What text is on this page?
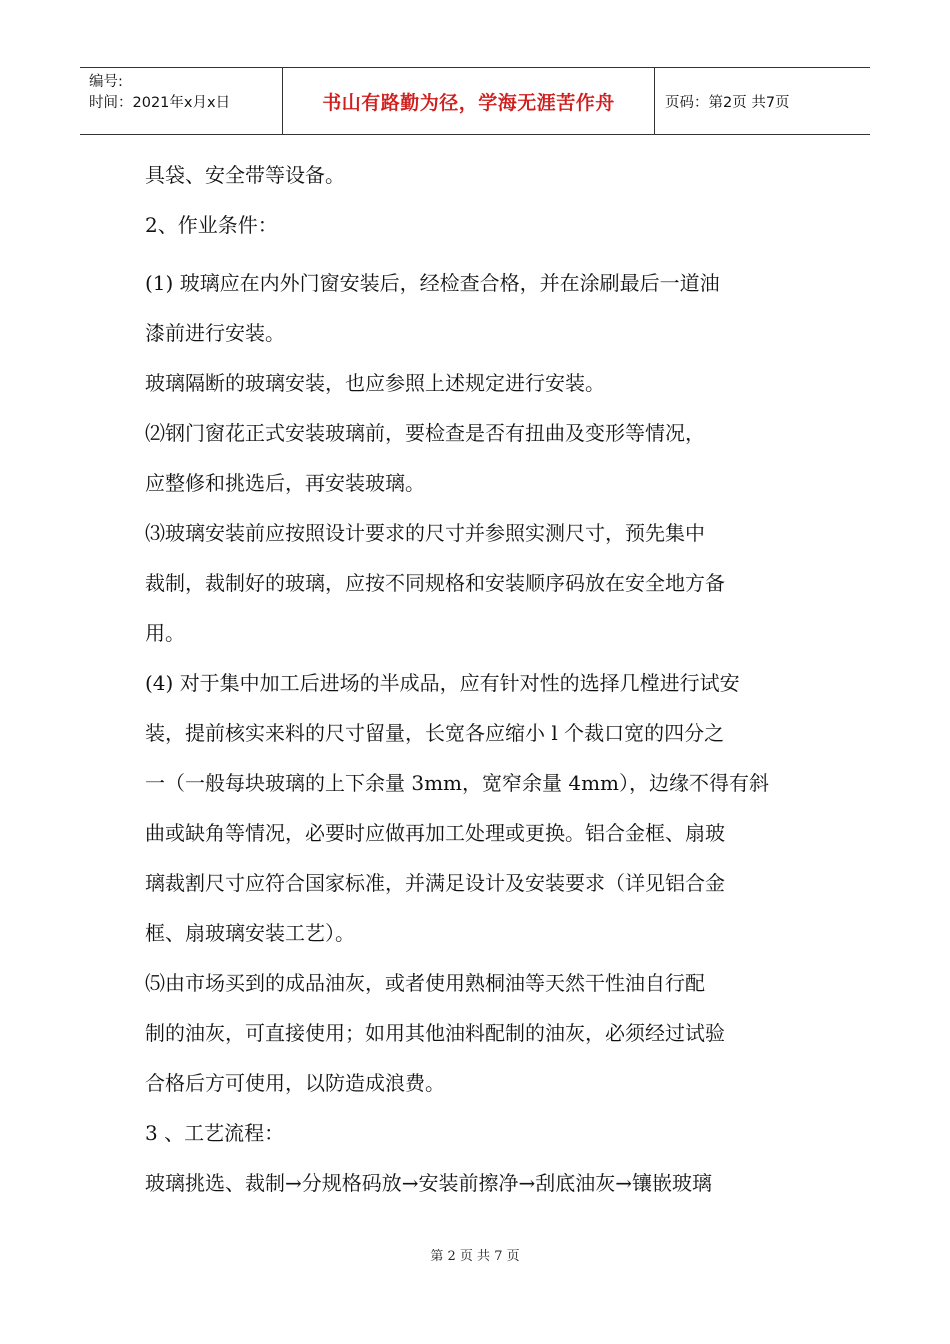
编号:
时间：2021年x月x日	书山有路勤为径，学海无涯苦作舟	页码：第2页 共7页
具袋、安全带等设备。
2、作业条件：
(1) 玻璃应在内外门窗安装后，经检查合格，并在涂刷最后一道油
漆前进行安装。
玻璃隔断的玻璃安装，也应参照上述规定进行安装。
⑵钢门窗花正式安装玻璃前，要检查是否有扭曲及变形等情况，
应整修和挑选后，再安装玻璃。
⑶玻璃安装前应按照设计要求的尺寸并参照实测尺寸，预先集中
裁制，裁制好的玻璃，应按不同规格和安装顺序码放在安全地方备
用。
(4) 对于集中加工后进场的半成品，应有针对性的选择几樘进行试安
装，提前核实来料的尺寸留量，长宽各应缩小 l 个裁口宽的四分之
一（一般每块玻璃的上下余量 3mm，宽窄余量 4mm），边缘不得有斜
曲或缺角等情况，必要时应做再加工处理或更换。铝合金框、扇玻
璃裁割尺寸应符合国家标准，并满足设计及安装要求（详见铝合金
框、扇玻璃安装工艺）。
⑸由市场买到的成品油灰，或者使用熟桐油等天然干性油自行配
制的油灰，可直接使用；如用其他油料配制的油灰，必须经过试验
合格后方可使用，以防造成浪费。
3 、工艺流程：
玻璃挑选、裁制→分规格码放→安装前擦净→刮底油灰→镶嵌玻璃
第 2 页 共 7 页
